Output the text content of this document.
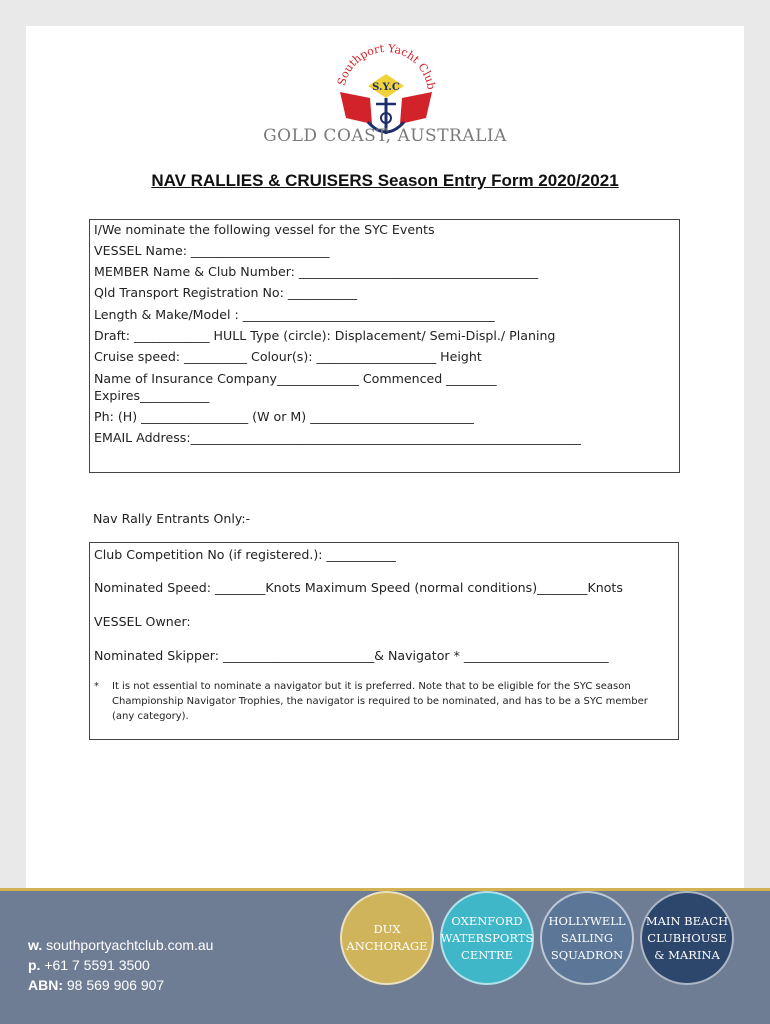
Southport Yacht Club
S.Y.C
GOLD COAST, AUSTRALIA
NAV RALLIES & CRUISERS Season Entry Form 2020/2021
I/We nominate the following vessel for the SYC Events
VESSEL Name: ______________________
MEMBER Name & Club Number: ______________________________________
Qld Transport Registration No: ___________
Length & Make/Model : ________________________________________
Draft: ____________ HULL Type (circle): Displacement/ Semi-Displ./ Planing
Cruise speed: __________ Colour(s): ___________________ Height
Name of Insurance Company_____________ Commenced ________
Expires___________
Ph: (H) _________________ (W or M) __________________________
EMAIL Address:______________________________________________________________
Nav Rally Entrants Only:-
Club Competition No (if registered.): ___________
Nominated Speed: ________Knots Maximum Speed (normal conditions)________Knots
VESSEL Owner:
Nominated Skipper: ________________________& Navigator * _______________________
* It is not essential to nominate a navigator but it is preferred. Note that to be eligible for the SYC season Championship Navigator Trophies, the navigator is required to be nominated, and has to be a SYC member (any category).
w. southportyachtclub.com.au
p. +61 7 5591 3500
ABN: 98 569 906 907
DUX
ANCHORAGE
OXENFORD
WATERSPORTS
CENTRE
HOLLYWELL
SAILING
SQUADRON
MAIN BEACH
CLUBHOUSE
& MARINA
